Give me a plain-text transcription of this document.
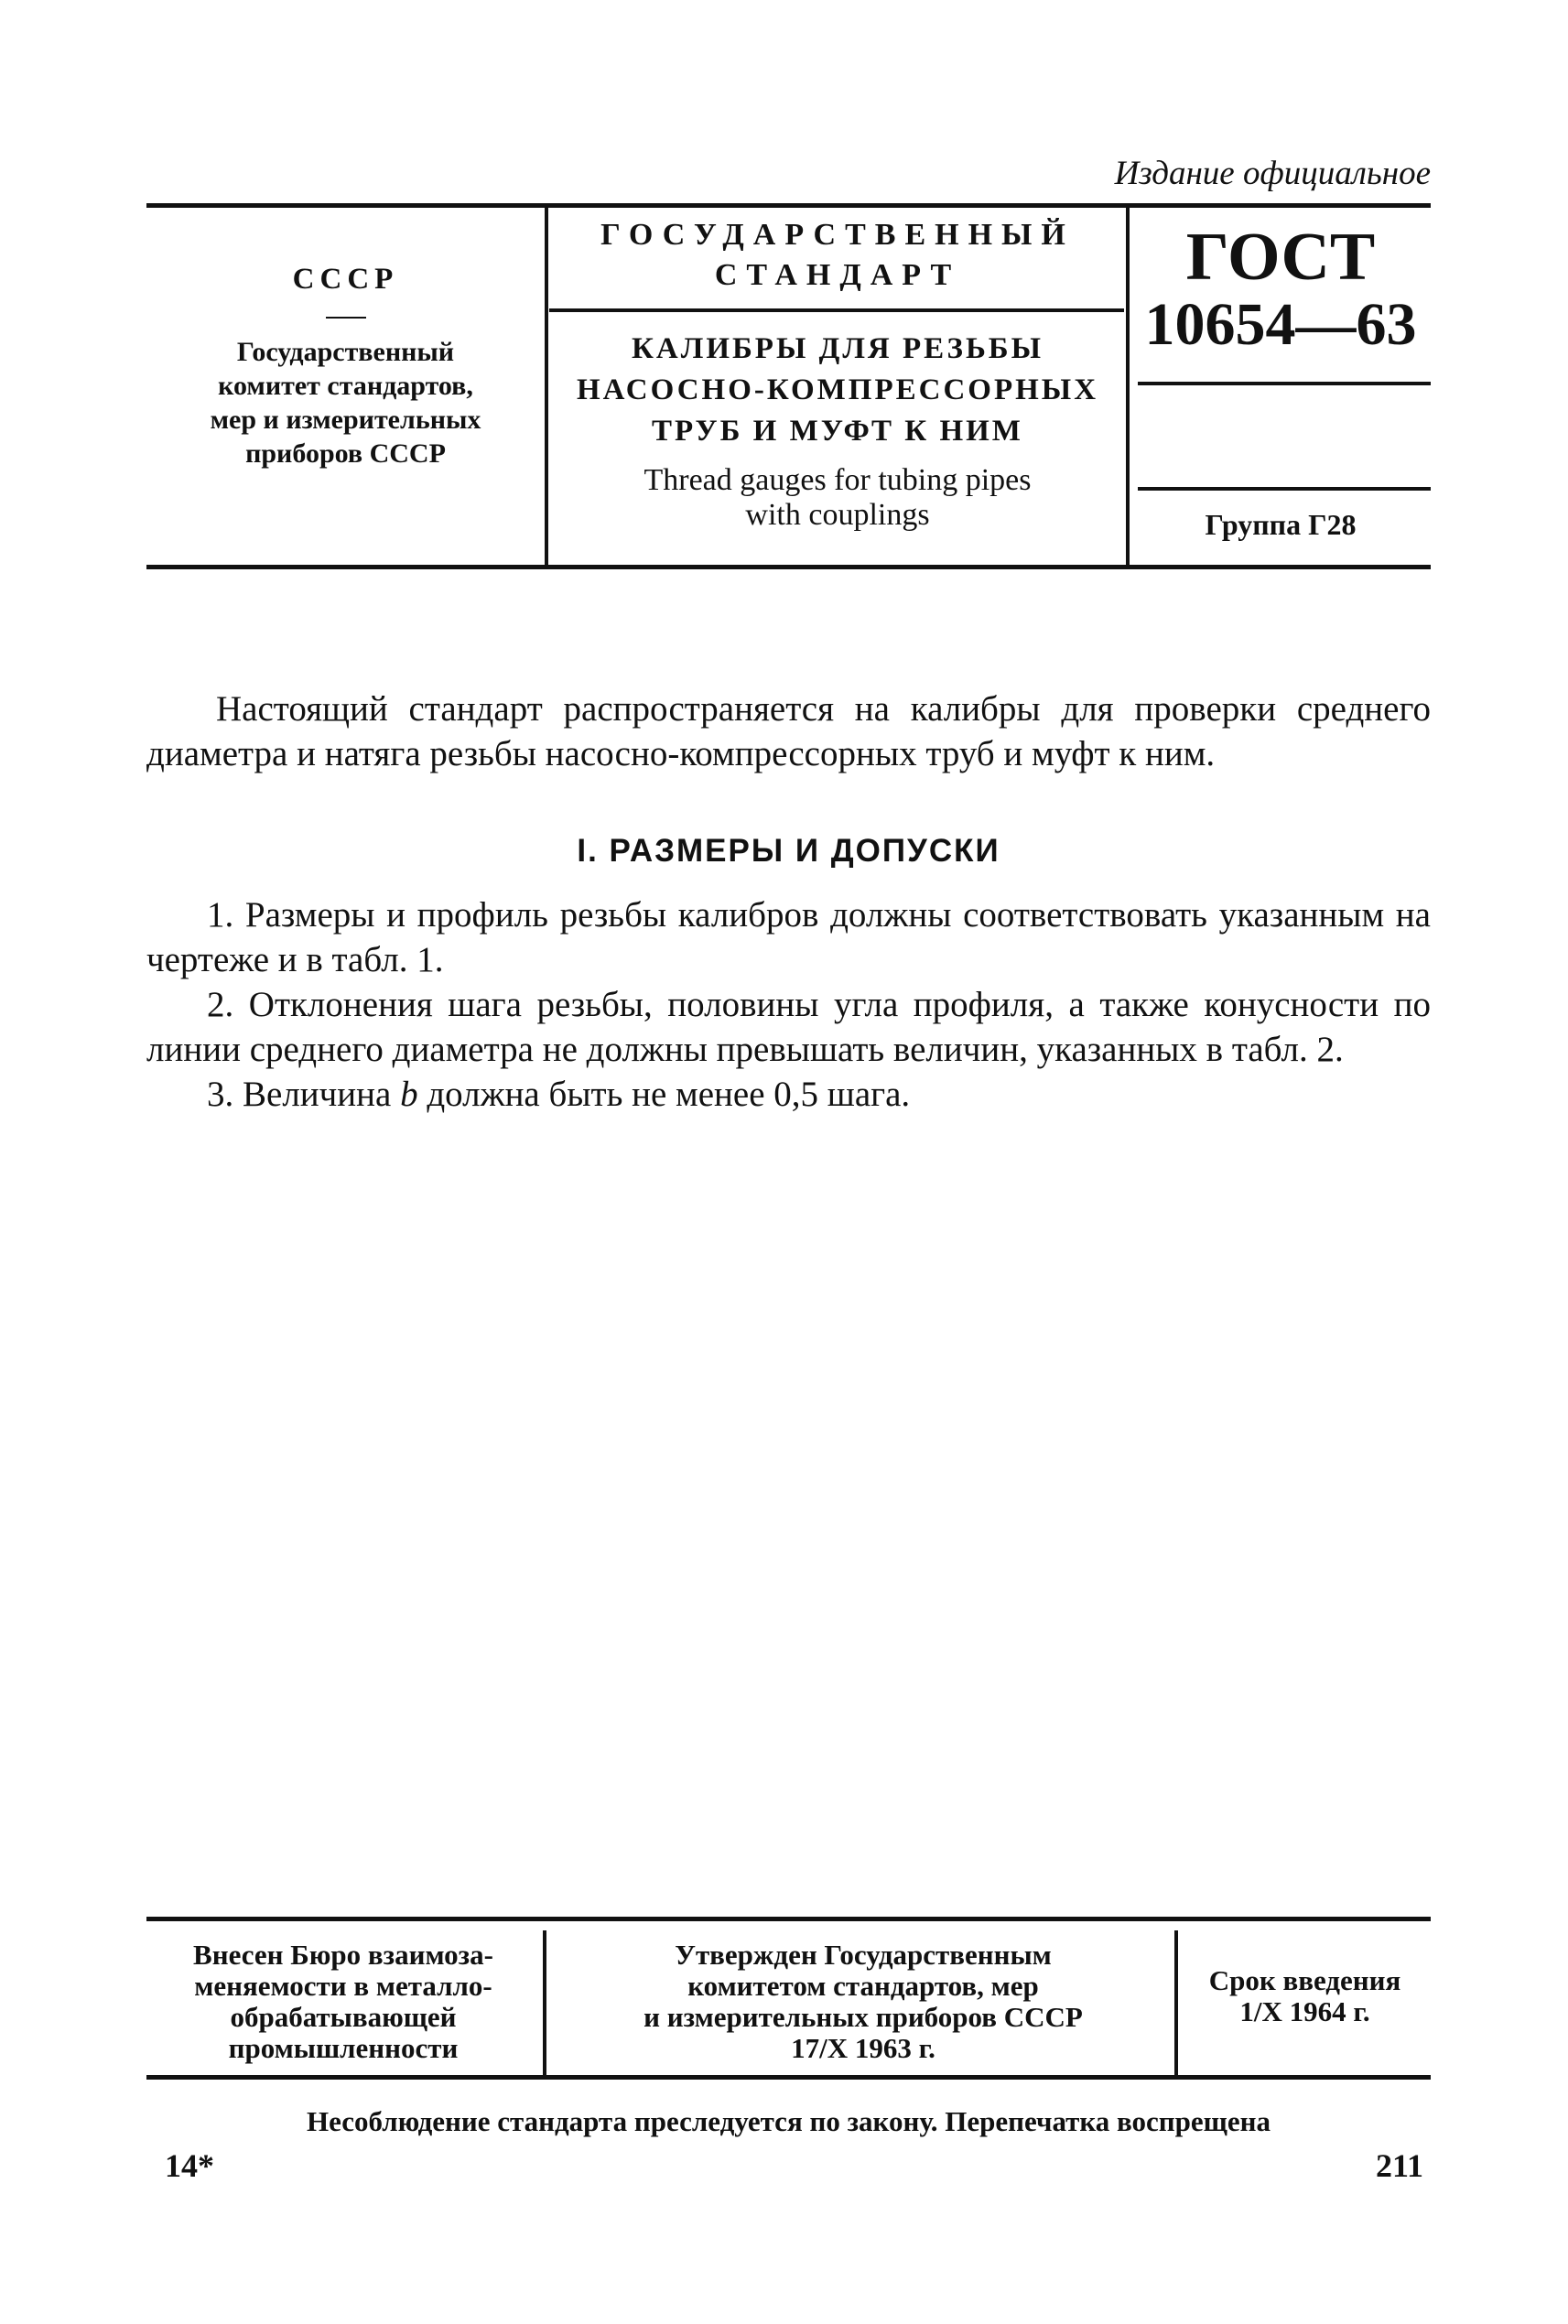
Издание официальное
СССР
Государственный
комитет стандартов,
мер и измерительных
приборов СССР
ГОСУДАРСТВЕННЫЙ
СТАНДАРТ
КАЛИБРЫ ДЛЯ РЕЗЬБЫ
НАСОСНО-КОМПРЕССОРНЫХ
ТРУБ И МУФТ К НИМ
Thread gauges for tubing pipes
with couplings
ГОСТ
10654—63
Группа Г28
Настоящий стандарт распространяется на калибры для проверки среднего диаметра и натяга резьбы насосно-компрессорных труб и муфт к ним.
I. РАЗМЕРЫ И ДОПУСКИ
1. Размеры и профиль резьбы калибров должны соответствовать указанным на чертеже и в табл. 1.
2. Отклонения шага резьбы, половины угла профиля, а также конусности по линии среднего диаметра не должны превышать величин, указанных в табл. 2.
3. Величина b должна быть не менее 0,5 шага.
Внесен Бюро взаимоза-
меняемости в металло-
обрабатывающей
промышленности
Утвержден Государственным
комитетом стандартов, мер
и измерительных приборов СССР
17/X 1963 г.
Срок введения
1/X 1964 г.
Несоблюдение стандарта преследуется по закону. Перепечатка воспрещена
14*	211
